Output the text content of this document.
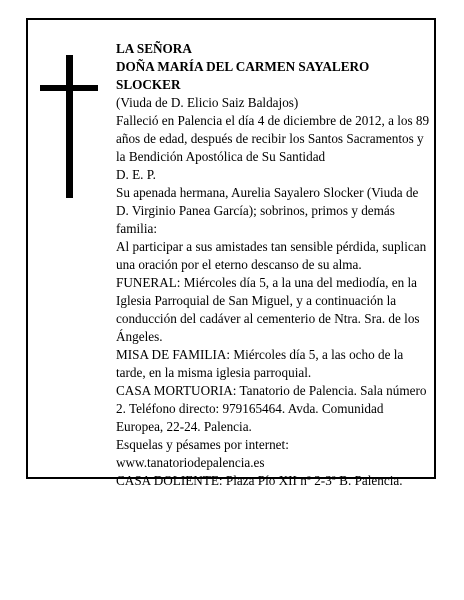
LA SEÑORA

DOÑA MARÍA DEL CARMEN SAYALERO SLOCKER

(Viuda de D. Elicio Saiz Baldajos)

Falleció en Palencia el día 4 de diciembre de 2012, a los 89 años de edad, después de recibir los Santos Sacramentos y la Bendición Apostólica de Su Santidad

D. E. P.

Su apenada hermana, Aurelia Sayalero Slocker (Viuda de D. Virginio Panea García); sobrinos, primos y demás familia:

Al participar a sus amistades tan sensible pérdida, suplican una oración por el eterno descanso de su alma.

FUNERAL: Miércoles día 5, a la una del mediodía, en la Iglesia Parroquial de San Miguel, y a continuación la conducción del cadáver al cementerio de Ntra. Sra. de los Ángeles.

MISA DE FAMILIA: Miércoles día 5, a las ocho de la tarde, en la misma iglesia parroquial.

CASA MORTUORIA: Tanatorio de Palencia. Sala número 2. Teléfono directo: 979165464. Avda. Comunidad Europea, 22-24. Palencia.

Esquelas y pésames por internet:

www.tanatoriodepalencia.es

CASA DOLIENTE: Plaza Pío XII nº 2-3º B. Palencia.
